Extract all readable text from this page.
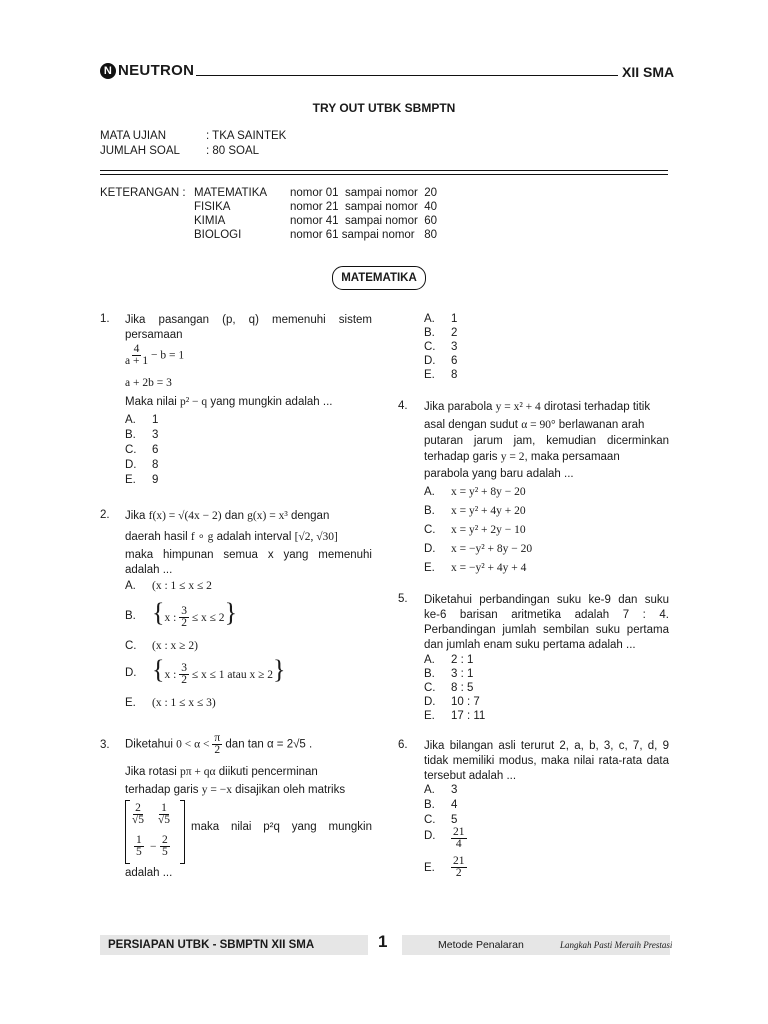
N NEUTRON	XII SMA
TRY OUT UTBK SBMPTN
MATA UJIAN	: TKA SAINTEK
JUMLAH SOAL : 80 SOAL
KETERANGAN : MATEMATIKA nomor 01  sampai nomor  20
FISIKA	nomor 21  sampai nomor  40
KIMIA	nomor 41  sampai nomor  60
BIOLOGI	nomor 61 sampai nomor   80
MATEMATIKA
1. Jika pasangan (p, q) memenuhi sistem
persamaan
$\frac{4}{a + 1} - b = 1$
a + 2b = 3
Maka nilai p² − q yang mungkin adalah ...
A. 1
B. 3
C. 6
D. 8
E. 9
2. Jika f(x) = √(4x − 2) dan g(x) = x³ dengan
daerah hasil f ∘ g adalah interval [√2, √30]
maka himpunan semua x yang memenuhi
adalah ...
A. (x : 1 ≤ x ≤ 2
B. {x : $\frac{3}{2} \le x \le 2$}
C. (x : x ≥ 2)
D. {x : $\frac{3}{2} \le x \le 1$ atau x ≥ 2}
E. (x : 1 ≤ x ≤ 3)
3. Diketahui $0 < \alpha < \frac{\pi}{2}$ dan tan α = 2√5 .
Jika rotasi pπ + qα diikuti pencerminan
terhadap garis y = −x disajikan oleh matriks
$\frac{2}{√5} \frac{1}{√5}$
$\frac{1}{5} - \frac{2}{5}$
maka nilai p²q yang mungkin
adalah ...
A. 1
B. 2
C. 3
D. 6
E. 8
4. Jika parabola y = x² + 4 dirotasi terhadap titik
asal dengan sudut α = 90° berlawanan arah
putaran jarum jam, kemudian dicerminkan
terhadap garis y = 2, maka persamaan
parabola yang baru adalah ...
A. x = y² + 8y − 20
B. x = y² + 4y + 20
C. x = y² + 2y − 10
D. x = −y² + 8y − 20
E. x = −y² + 4y + 4
5. Diketahui perbandingan suku ke-9 dan suku
ke-6 barisan aritmetika adalah 7 : 4.
Perbandingan jumlah sembilan suku pertama
dan jumlah enam suku pertama adalah ...
A. 2 : 1
B. 3 : 1
C. 8 : 5
D. 10 : 7
E. 17 : 11
6. Jika bilangan asli terurut 2, a, b, 3, c, 7, d, 9
tidak memiliki modus, maka nilai rata-rata data
tersebut adalah ...
A. 3
B. 4
C. 5
D. $\frac{21}{4}$
E. $\frac{21}{2}$
PERSIAPAN UTBK - SBMPTN XII SMA	1	Metode Penalaran	Langkah Pasti Meraih Prestasi
